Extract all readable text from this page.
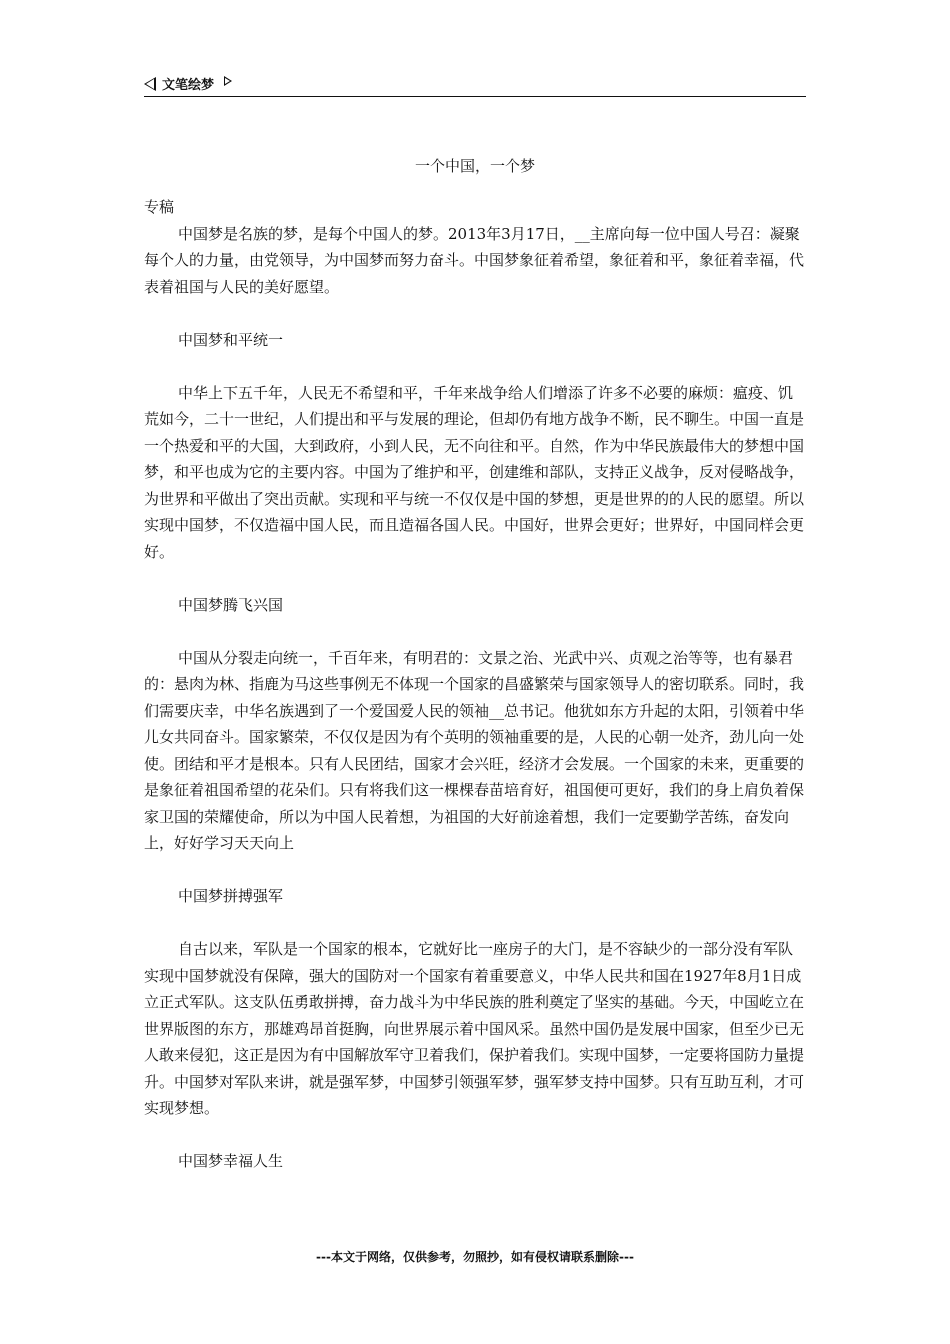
文笔绘梦
一个中国，一个梦

专稿

中国梦是名族的梦，是每个中国人的梦。2013年3月17日，__主席向每一位中国人号召：凝聚每个人的力量，由党领导，为中国梦而努力奋斗。中国梦象征着希望，象征着和平，象征着幸福，代表着祖国与人民的美好愿望。

中国梦和平统一

中华上下五千年，人民无不希望和平，千年来战争给人们增添了许多不必要的麻烦：瘟疫、饥荒如今，二十一世纪，人们提出和平与发展的理论，但却仍有地方战争不断，民不聊生。中国一直是一个热爱和平的大国，大到政府，小到人民，无不向往和平。自然，作为中华民族最伟大的梦想中国梦，和平也成为它的主要内容。中国为了维护和平，创建维和部队，支持正义战争，反对侵略战争，为世界和平做出了突出贡献。实现和平与统一不仅仅是中国的梦想，更是世界的的人民的愿望。所以实现中国梦，不仅造福中国人民，而且造福各国人民。中国好，世界会更好；世界好，中国同样会更好。

中国梦腾飞兴国

中国从分裂走向统一，千百年来，有明君的：文景之治、光武中兴、贞观之治等等，也有暴君的：悬肉为林、指鹿为马这些事例无不体现一个国家的昌盛繁荣与国家领导人的密切联系。同时，我们需要庆幸，中华名族遇到了一个爱国爱人民的领袖__总书记。他犹如东方升起的太阳，引领着中华儿女共同奋斗。国家繁荣，不仅仅是因为有个英明的领袖重要的是，人民的心朝一处齐，劲儿向一处使。团结和平才是根本。只有人民团结，国家才会兴旺，经济才会发展。一个国家的未来，更重要的是象征着祖国希望的花朵们。只有将我们这一棵棵春苗培育好，祖国便可更好，我们的身上肩负着保家卫国的荣耀使命，所以为中国人民着想，为祖国的大好前途着想，我们一定要勤学苦练，奋发向上，好好学习天天向上

中国梦拼搏强军

自古以来，军队是一个国家的根本，它就好比一座房子的大门，是不容缺少的一部分没有军队实现中国梦就没有保障，强大的国防对一个国家有着重要意义，中华人民共和国在1927年8月1日成立正式军队。这支队伍勇敢拼搏，奋力战斗为中华民族的胜利奠定了坚实的基础。今天，中国屹立在世界版图的东方，那雄鸡昂首挺胸，向世界展示着中国风采。虽然中国仍是发展中国家，但至少已无人敢来侵犯，这正是因为有中国解放军守卫着我们，保护着我们。实现中国梦，一定要将国防力量提升。中国梦对军队来讲，就是强军梦，中国梦引领强军梦，强军梦支持中国梦。只有互助互利，才可实现梦想。

中国梦幸福人生

---本文于网络，仅供参考，勿照抄，如有侵权请联系删除---
